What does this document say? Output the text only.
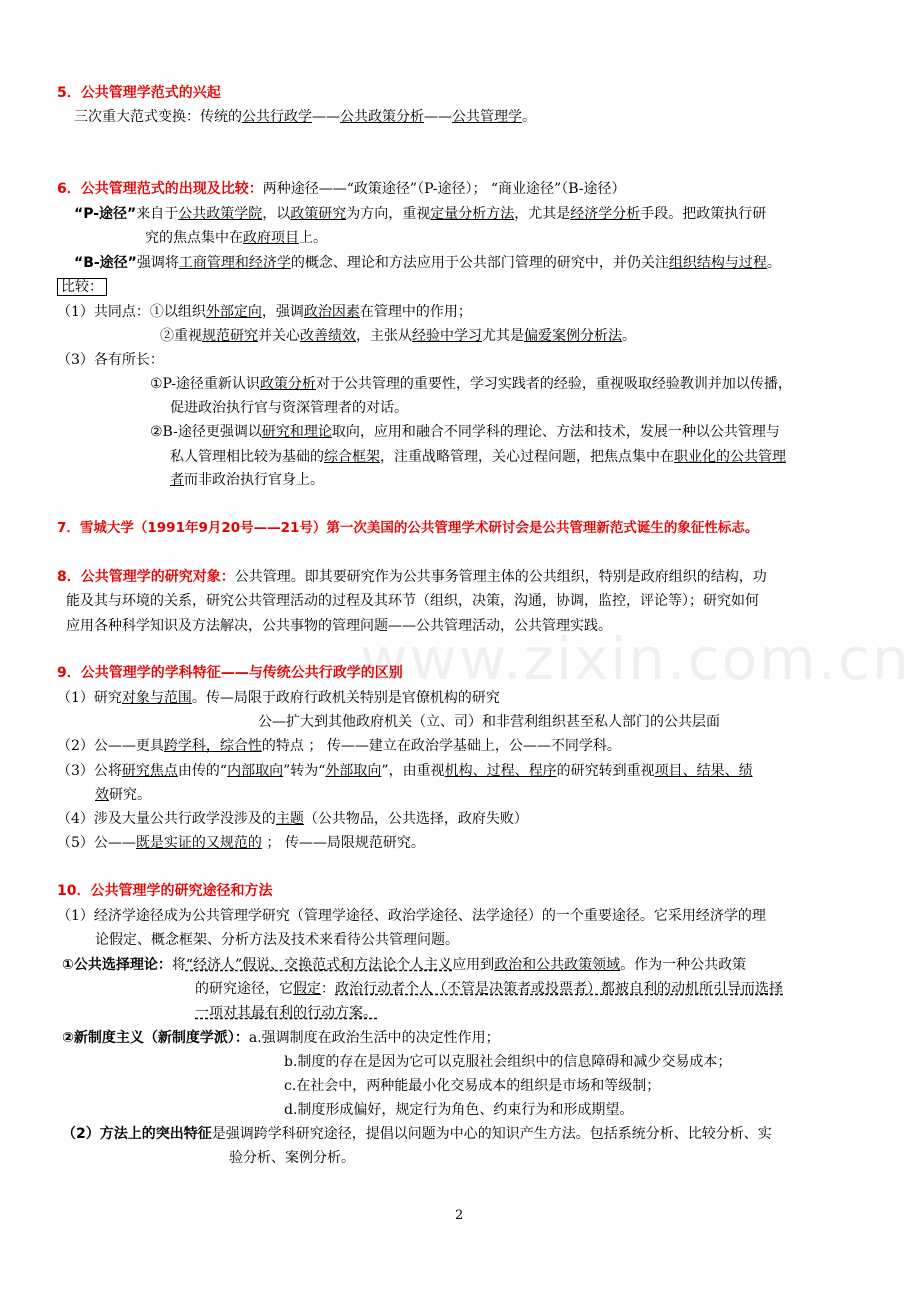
www.zixin.com.cn
5．公共管理学范式的兴起
三次重大范式变换：传统的公共行政学——公共政策分析——公共管理学。
6．公共管理范式的出现及比较：两种途径——“政策途径”（P-途径）； “商业途径”（B-途径）
“P-途径”来自于公共政策学院，以政策研究为方向，重视定量分析方法，尤其是经济学分析手段。把政策执行研
究的焦点集中在政府项目上。
“B-途径”强调将工商管理和经济学的概念、理论和方法应用于公共部门管理的研究中，并仍关注组织结构与过程。
比较：
（1）共同点：①以组织外部定向，强调政治因素在管理中的作用；
②重视规范研究并关心改善绩效，主张从经验中学习尤其是偏爱案例分析法。
（3）各有所长：
①P-途径重新认识政策分析对于公共管理的重要性，学习实践者的经验，重视吸取经验教训并加以传播，
促进政治执行官与资深管理者的对话。
②B-途径更强调以研究和理论取向，应用和融合不同学科的理论、方法和技术，发展一种以公共管理与
私人管理相比较为基础的综合框架，注重战略管理，关心过程问题，把焦点集中在职业化的公共管理
者而非政治执行官身上。
7．雪城大学（1991年9月20号——21号）第一次美国的公共管理学术研讨会是公共管理新范式诞生的象征性标志。
8．公共管理学的研究对象：公共管理。即其要研究作为公共事务管理主体的公共组织，特别是政府组织的结构，功
能及其与环境的关系，研究公共管理活动的过程及其环节（组织，决策，沟通，协调，监控，评论等）；研究如何
应用各种科学知识及方法解决，公共事物的管理问题——公共管理活动，公共管理实践。
9．公共管理学的学科特征——与传统公共行政学的区别
（1）研究对象与范围。传—局限于政府行政机关特别是官僚机构的研究
公—扩大到其他政府机关（立、司）和非营利组织甚至私人部门的公共层面
（2）公——更具跨学科，综合性的特点 ； 传——建立在政治学基础上，公——不同学科。
（3）公将研究焦点由传的“内部取向”转为“外部取向”，由重视机构、过程、程序的研究转到重视项目、结果、绩
效研究。
（4）涉及大量公共行政学没涉及的主题（公共物品，公共选择，政府失败）
（5）公——既是实证的又规范的 ； 传——局限规范研究。
10．公共管理学的研究途径和方法
（1）经济学途径成为公共管理学研究（管理学途径、政治学途径、法学途径）的一个重要途径。它采用经济学的理
论假定、概念框架、分析方法及技术来看待公共管理问题。
①公共选择理论：将“经济人”假说、交换范式和方法论个人主义应用到政治和公共政策领域。作为一种公共政策
的研究途径，它假定：政治行动者个人（不管是决策者或投票者）都被自利的动机所引导而选择
一项对其最有利的行动方案。
②新制度主义（新制度学派）：a.强调制度在政治生活中的决定性作用；
b.制度的存在是因为它可以克服社会组织中的信息障碍和减少交易成本；
c.在社会中，两种能最小化交易成本的组织是市场和等级制；
d.制度形成偏好，规定行为角色、约束行为和形成期望。
（2）方法上的突出特征是强调跨学科研究途径，提倡以问题为中心的知识产生方法。包括系统分析、比较分析、实
验分析、案例分析。
2
